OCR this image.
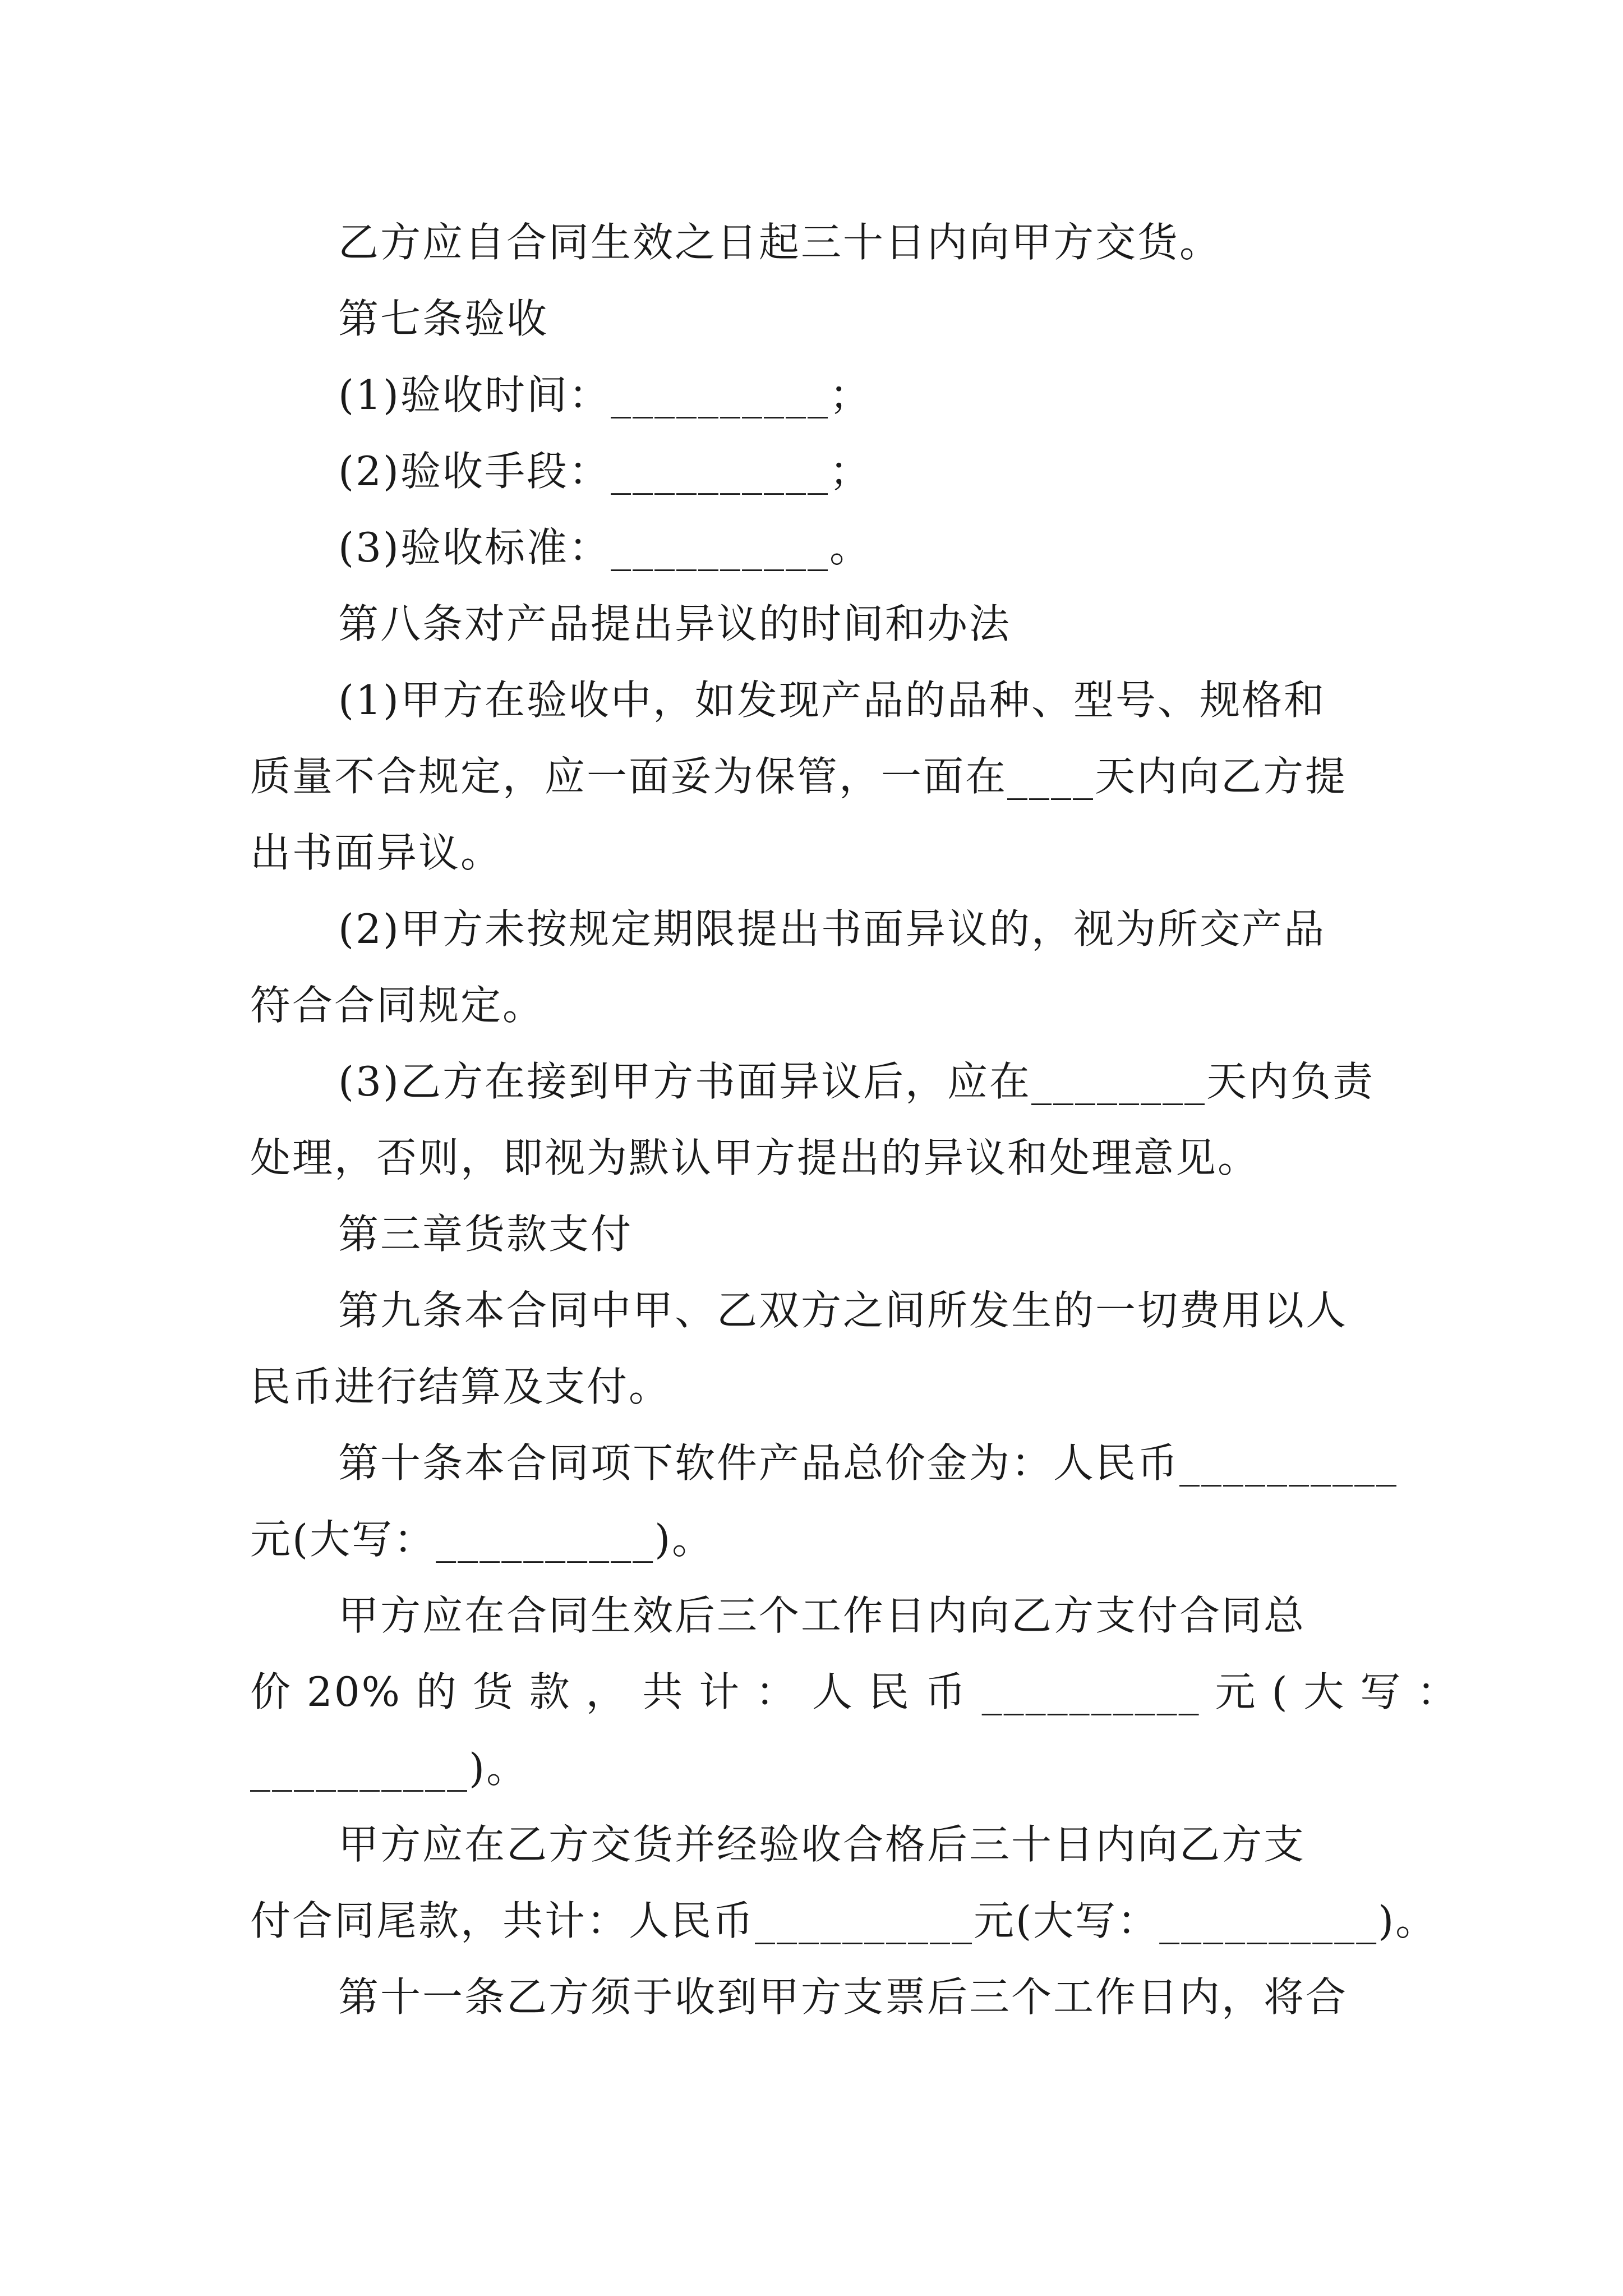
乙方应自合同生效之日起三十日内向甲方交货。
第七条验收
(1)验收时间：__________；
(2)验收手段：__________；
(3)验收标准：__________。
第八条对产品提出异议的时间和办法
(1)甲方在验收中，如发现产品的品种、型号、规格和
质量不合规定，应一面妥为保管，一面在____天内向乙方提
出书面异议。
(2)甲方未按规定期限提出书面异议的，视为所交产品
符合合同规定。
(3)乙方在接到甲方书面异议后，应在________天内负责
处理，否则，即视为默认甲方提出的异议和处理意见。
第三章货款支付
第九条本合同中甲、乙双方之间所发生的一切费用以人
民币进行结算及支付。
第十条本合同项下软件产品总价金为：人民币__________
元(大写：__________)。
甲方应在合同生效后三个工作日内向乙方支付合同总
价 20% 的 货 款 ， 共 计 ： 人 民 币 __________ 元 ( 大 写 ：
__________)。
甲方应在乙方交货并经验收合格后三十日内向乙方支
付合同尾款，共计：人民币__________元(大写：__________)。
第十一条乙方须于收到甲方支票后三个工作日内，将合
